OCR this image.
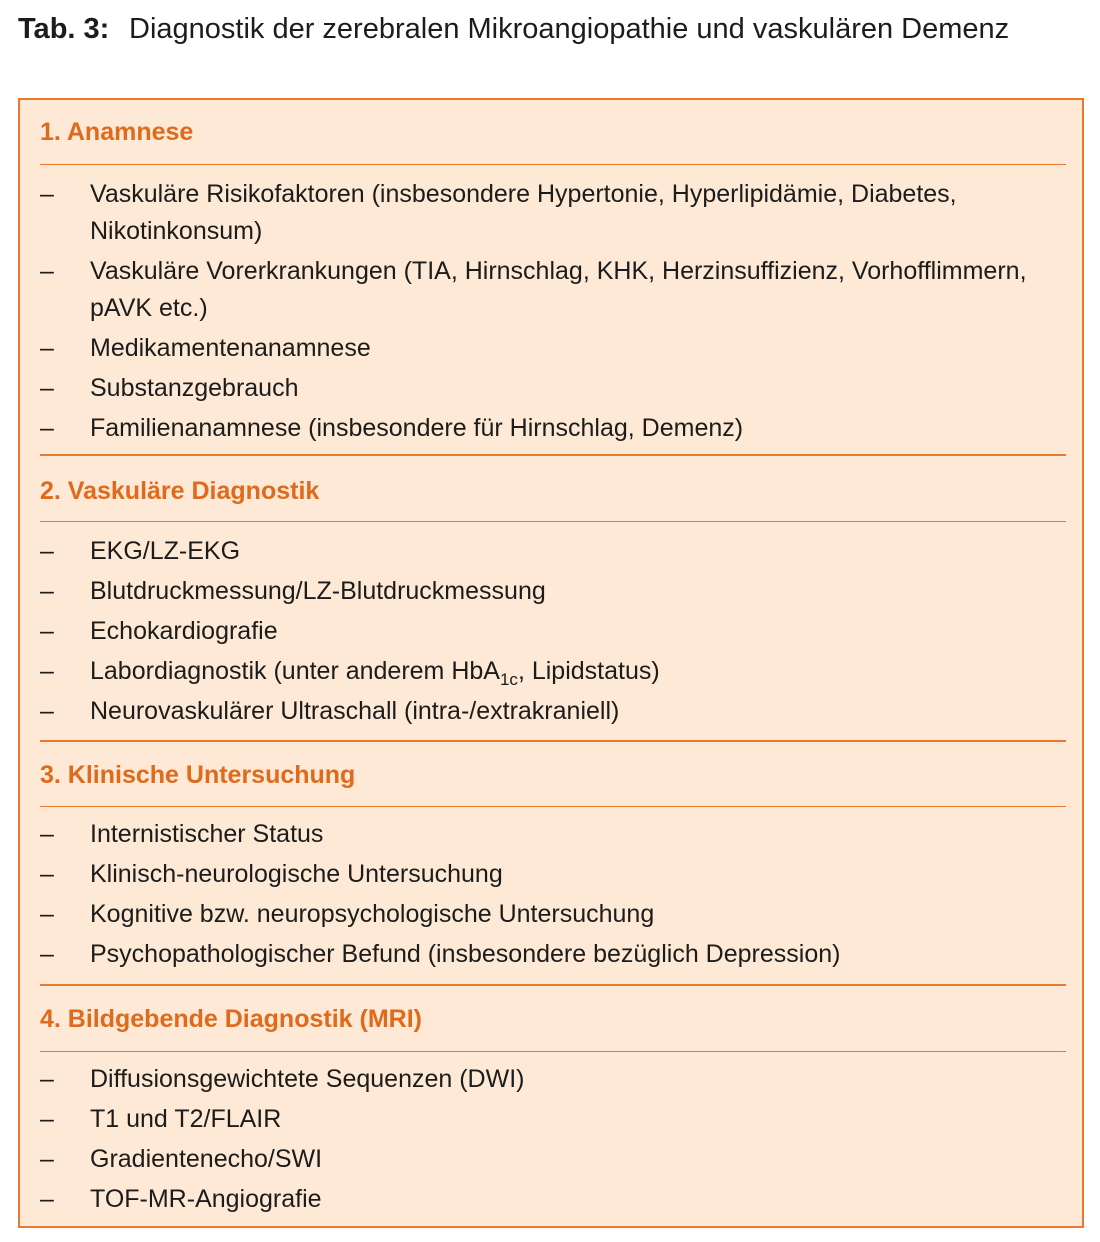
Tab. 3: Diagnostik der zerebralen Mikroangiopathie und vaskulären Demenz
1. Anamnese
– Vaskuläre Risikofaktoren (insbesondere Hypertonie, Hyperlipidämie, Diabetes, Nikotinkonsum)
– Vaskuläre Vorerkrankungen (TIA, Hirnschlag, KHK, Herzinsuffizienz, Vorhofflimmern, pAVK etc.)
– Medikamentenanamnese
– Substanzgebrauch
– Familienanamnese (insbesondere für Hirnschlag, Demenz)
2. Vaskuläre Diagnostik
– EKG/LZ-EKG
– Blutdruckmessung/LZ-Blutdruckmessung
– Echokardiografie
– Labordiagnostik (unter anderem HbA$_{1c}$, Lipidstatus)
– Neurovaskulärer Ultraschall (intra-/extrakraniell)
3. Klinische Untersuchung
– Internistischer Status
– Klinisch-neurologische Untersuchung
– Kognitive bzw. neuropsychologische Untersuchung
– Psychopathologischer Befund (insbesondere bezüglich Depression)
4. Bildgebende Diagnostik (MRI)
– Diffusionsgewichtete Sequenzen (DWI)
– T1 und T2/FLAIR
– Gradientenecho/SWI
– TOF-MR-Angiografie
